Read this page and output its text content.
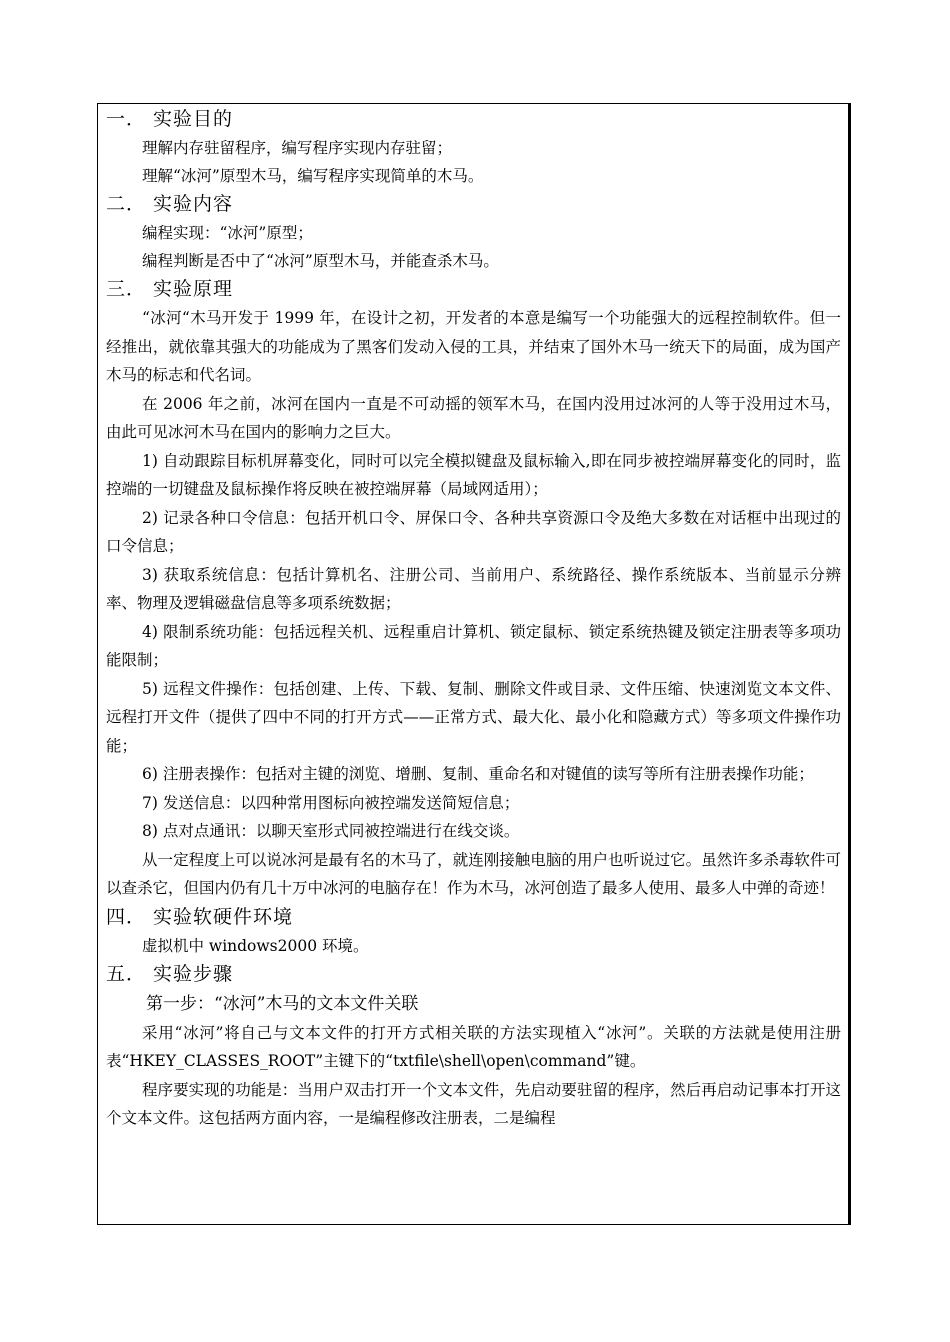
一． 实验目的
理解内存驻留程序，编写程序实现内存驻留；
理解“冰河”原型木马，编写程序实现简单的木马。
二． 实验内容
编程实现：“冰河”原型；
编程判断是否中了“冰河”原型木马，并能查杀木马。
三． 实验原理
“冰河“木马开发于 1999 年，在设计之初，开发者的本意是编写一个功能强大的远程控制软件。但一经推出，就依靠其强大的功能成为了黑客们发动入侵的工具，并结束了国外木马一统天下的局面，成为国产木马的标志和代名词。
在 2006 年之前，冰河在国内一直是不可动摇的领军木马，在国内没用过冰河的人等于没用过木马，由此可见冰河木马在国内的影响力之巨大。
1) 自动跟踪目标机屏幕变化，同时可以完全模拟键盘及鼠标输入,即在同步被控端屏幕变化的同时，监控端的一切键盘及鼠标操作将反映在被控端屏幕（局域网适用）；
2) 记录各种口令信息：包括开机口令、屏保口令、各种共享资源口令及绝大多数在对话框中出现过的口令信息；
3) 获取系统信息：包括计算机名、注册公司、当前用户、系统路径、操作系统版本、当前显示分辨率、物理及逻辑磁盘信息等多项系统数据；
4) 限制系统功能：包括远程关机、远程重启计算机、锁定鼠标、锁定系统热键及锁定注册表等多项功能限制；
5) 远程文件操作：包括创建、上传、下载、复制、删除文件或目录、文件压缩、快速浏览文本文件、远程打开文件（提供了四中不同的打开方式——正常方式、最大化、最小化和隐藏方式）等多项文件操作功能；
6) 注册表操作：包括对主键的浏览、增删、复制、重命名和对键值的读写等所有注册表操作功能；
7) 发送信息：以四种常用图标向被控端发送简短信息；
8) 点对点通讯：以聊天室形式同被控端进行在线交谈。
从一定程度上可以说冰河是最有名的木马了，就连刚接触电脑的用户也听说过它。虽然许多杀毒软件可以查杀它，但国内仍有几十万中冰河的电脑存在！作为木马，冰河创造了最多人使用、最多人中弹的奇迹！
四． 实验软硬件环境
虚拟机中 windows2000 环境。
五． 实验步骤
第一步：“冰河”木马的文本文件关联
采用“冰河”将自己与文本文件的打开方式相关联的方法实现植入“冰河”。关联的方法就是使用注册表“HKEY_CLASSES_ROOT”主键下的“txtfile\shell\open\command”键。
程序要实现的功能是：当用户双击打开一个文本文件，先启动要驻留的程序，然后再启动记事本打开这个文本文件。这包括两方面内容，一是编程修改注册表，二是编程
